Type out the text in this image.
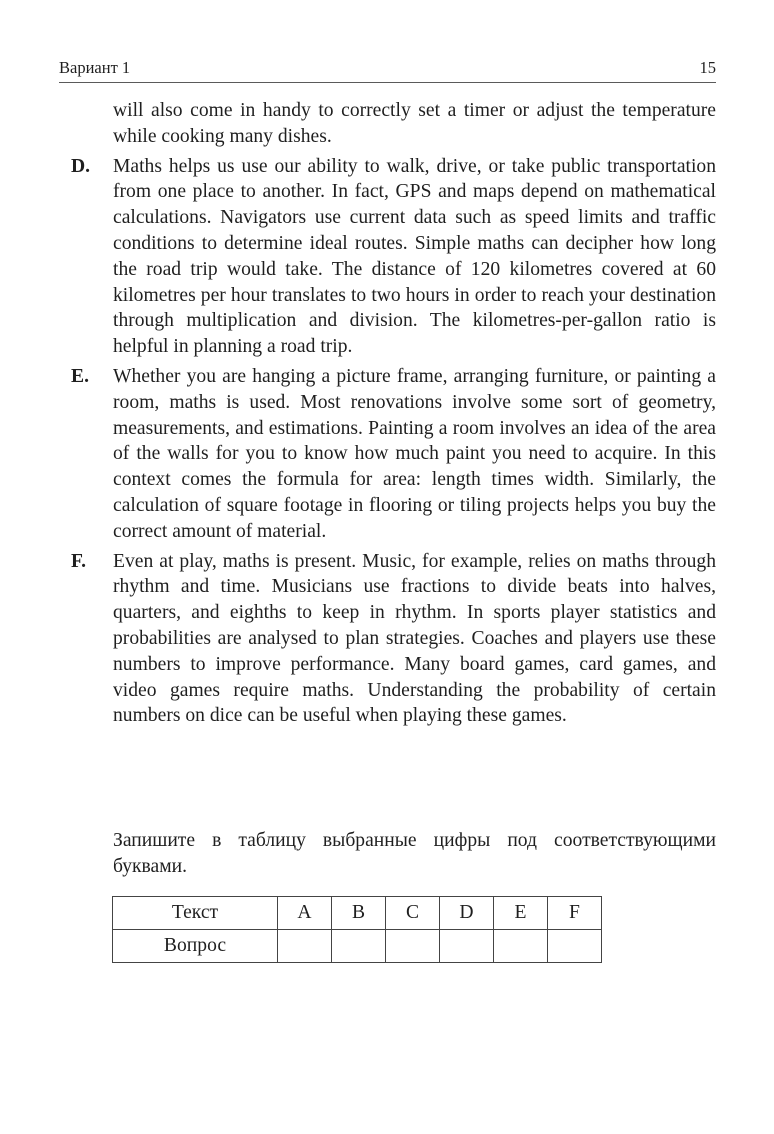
Вариант 1	15

will also come in handy to correctly set a timer or adjust the temperature while cooking many dishes.

D. Maths helps us use our ability to walk, drive, or take public transportation from one place to another. In fact, GPS and maps depend on mathematical calculations. Navigators use current data such as speed limits and traffic conditions to determine ideal routes. Simple maths can decipher how long the road trip would take. The distance of 120 kilometres covered at 60 kilometres per hour translates to two hours in order to reach your destination through multiplication and division. The kilometres-per-gallon ratio is helpful in planning a road trip.
E. Whether you are hanging a picture frame, arranging furniture, or painting a room, maths is used. Most renovations involve some sort of geometry, measurements, and estimations. Painting a room involves an idea of the area of the walls for you to know how much paint you need to acquire. In this context comes the formula for area: length times width. Similarly, the calculation of square footage in flooring or tiling projects helps you buy the correct amount of material.
F. Even at play, maths is present. Music, for example, relies on maths through rhythm and time. Musicians use fractions to divide beats into halves, quarters, and eighths to keep in rhythm. In sports player statistics and probabilities are analysed to plan strategies. Coaches and players use these numbers to improve performance. Many board games, card games, and video games require maths. Understanding the probability of certain numbers on dice can be useful when playing these games.
Запишите в таблицу выбранные цифры под соответствующими буквами.
Текст	A	B	C	D	E	F
Вопрос						
